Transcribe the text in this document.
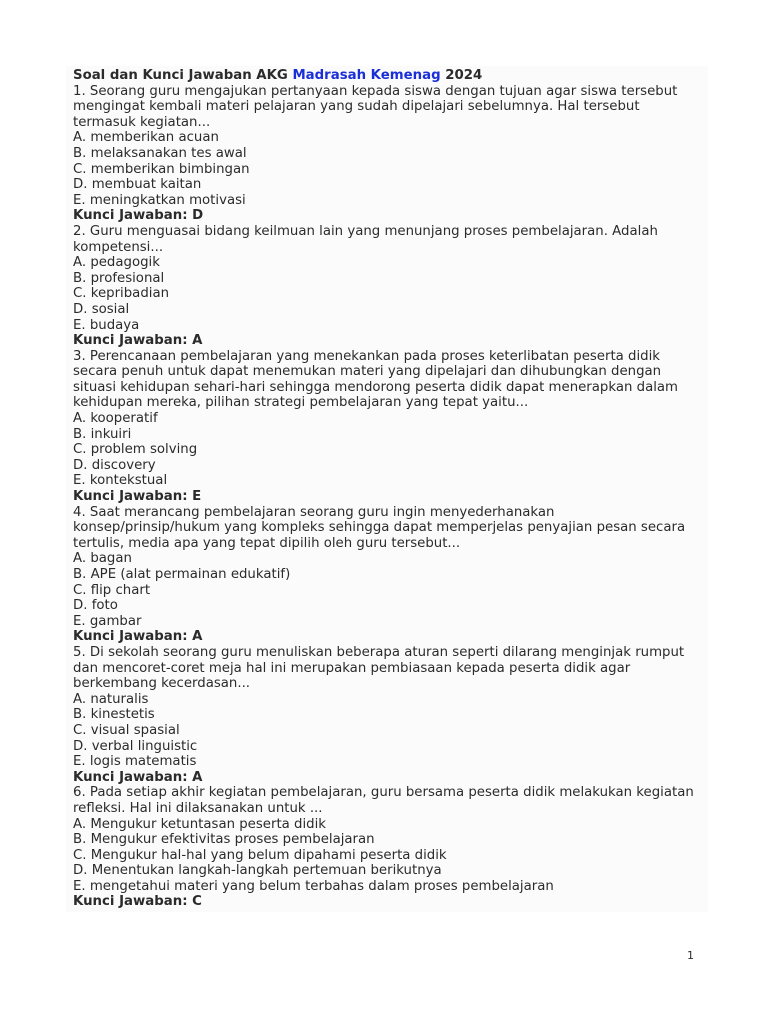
Soal dan Kunci Jawaban AKG Madrasah Kemenag 2024
1. Seorang guru mengajukan pertanyaan kepada siswa dengan tujuan agar siswa tersebut mengingat kembali materi pelajaran yang sudah dipelajari sebelumnya. Hal tersebut termasuk kegiatan...
A. memberikan acuan
B. melaksanakan tes awal
C. memberikan bimbingan
D. membuat kaitan
E. meningkatkan motivasi
Kunci Jawaban: D
2. Guru menguasai bidang keilmuan lain yang menunjang proses pembelajaran. Adalah kompetensi...
A. pedagogik
B. profesional
C. kepribadian
D. sosial
E. budaya
Kunci Jawaban: A
3. Perencanaan pembelajaran yang menekankan pada proses keterlibatan peserta didik secara penuh untuk dapat menemukan materi yang dipelajari dan dihubungkan dengan situasi kehidupan sehari-hari sehingga mendorong peserta didik dapat menerapkan dalam kehidupan mereka, pilihan strategi pembelajaran yang tepat yaitu...
A. kooperatif
B. inkuiri
C. problem solving
D. discovery
E. kontekstual
Kunci Jawaban: E
4. Saat merancang pembelajaran seorang guru ingin menyederhanakan konsep/prinsip/hukum yang kompleks sehingga dapat memperjelas penyajian pesan secara tertulis, media apa yang tepat dipilih oleh guru tersebut...
A. bagan
B. APE (alat permainan edukatif)
C. flip chart
D. foto
E. gambar
Kunci Jawaban: A
5. Di sekolah seorang guru menuliskan beberapa aturan seperti dilarang menginjak rumput dan mencoret-coret meja hal ini merupakan pembiasaan kepada peserta didik agar berkembang kecerdasan...
A. naturalis
B. kinestetis
C. visual spasial
D. verbal linguistic
E. logis matematis
Kunci Jawaban: A
6. Pada setiap akhir kegiatan pembelajaran, guru bersama peserta didik melakukan kegiatan refleksi. Hal ini dilaksanakan untuk ...
A. Mengukur ketuntasan peserta didik
B. Mengukur efektivitas proses pembelajaran
C. Mengukur hal-hal yang belum dipahami peserta didik
D. Menentukan langkah-langkah pertemuan berikutnya
E. mengetahui materi yang belum terbahas dalam proses pembelajaran
Kunci Jawaban: C
1
